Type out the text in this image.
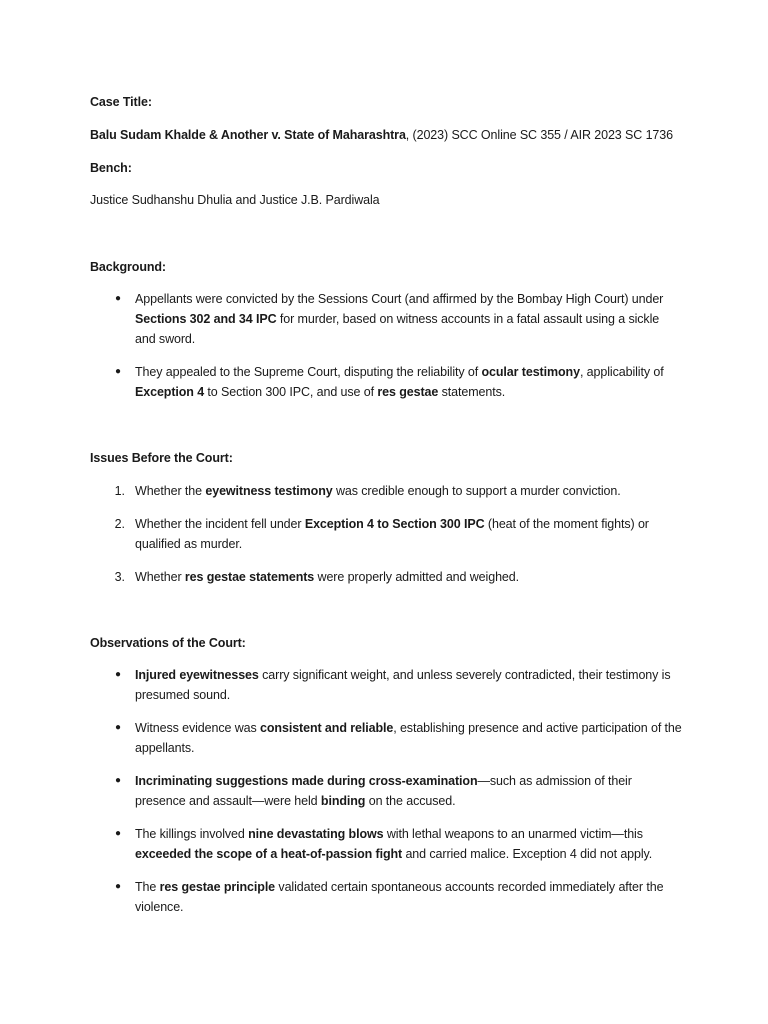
Case Title:

Balu Sudam Khalde & Another v. State of Maharashtra, (2023) SCC Online SC 355 / AIR 2023 SC 1736

Bench:

Justice Sudhanshu Dhulia and Justice J.B. Pardiwala

Background:

● Appellants were convicted by the Sessions Court (and affirmed by the Bombay High Court) under Sections 302 and 34 IPC for murder, based on witness accounts in a fatal assault using a sickle and sword.

● They appealed to the Supreme Court, disputing the reliability of ocular testimony, applicability of Exception 4 to Section 300 IPC, and use of res gestae statements.

Issues Before the Court:

1. Whether the eyewitness testimony was credible enough to support a murder conviction.

2. Whether the incident fell under Exception 4 to Section 300 IPC (heat of the moment fights) or qualified as murder.

3. Whether res gestae statements were properly admitted and weighed.

Observations of the Court:

● Injured eyewitnesses carry significant weight, and unless severely contradicted, their testimony is presumed sound.

● Witness evidence was consistent and reliable, establishing presence and active participation of the appellants.

● Incriminating suggestions made during cross-examination—such as admission of their presence and assault—were held binding on the accused.

● The killings involved nine devastating blows with lethal weapons to an unarmed victim—this exceeded the scope of a heat-of-passion fight and carried malice. Exception 4 did not apply.

● The res gestae principle validated certain spontaneous accounts recorded immediately after the violence.
